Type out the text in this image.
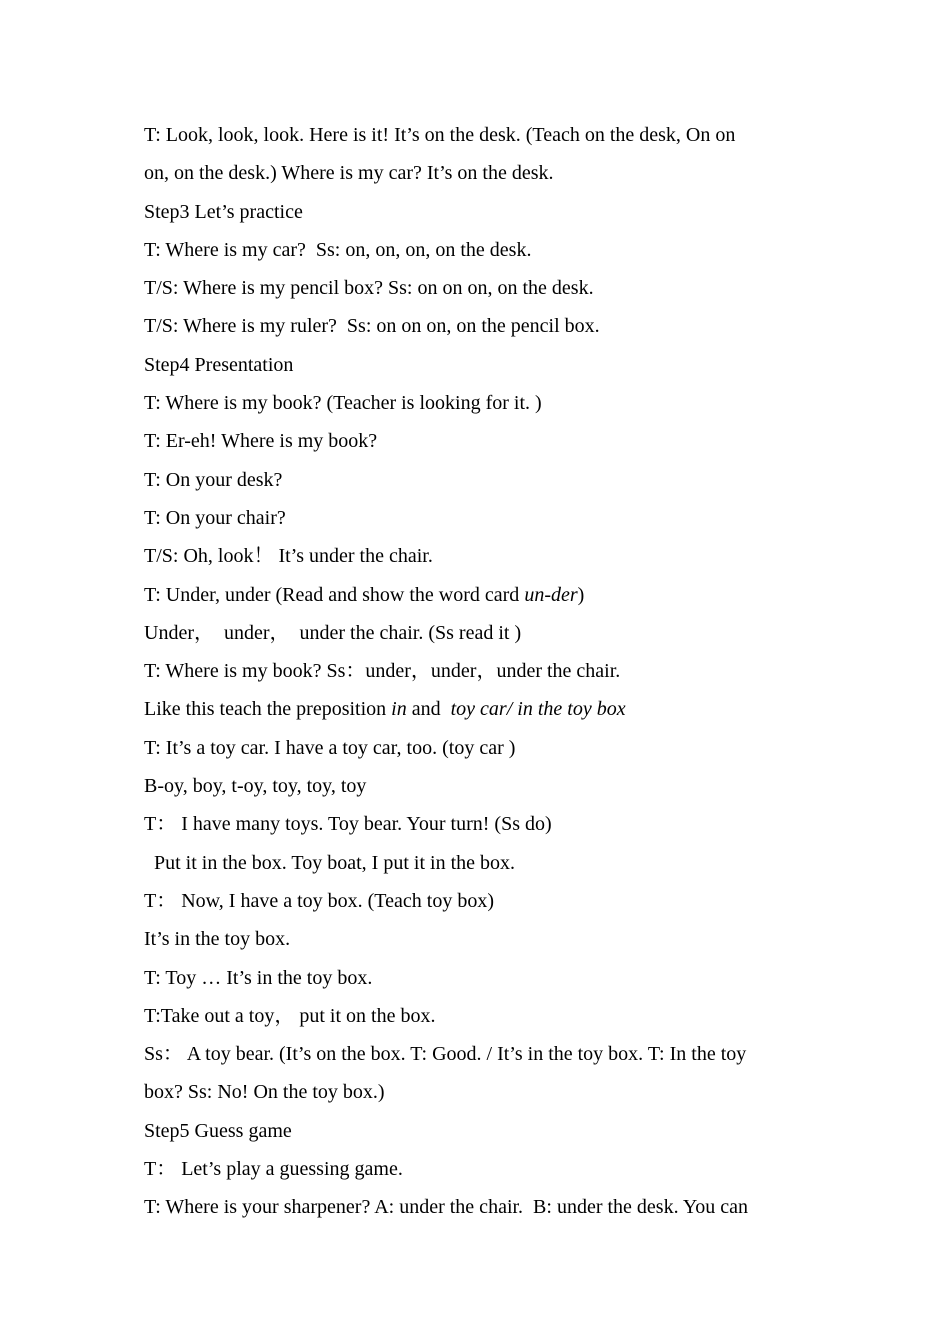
T: Look, look, look. Here is it! It’s on the desk. (Teach on the desk, On on
on, on the desk.) Where is my car? It’s on the desk.
Step3 Let’s practice
T: Where is my car?  Ss: on, on, on, on the desk.
T/S: Where is my pencil box? Ss: on on on, on the desk.
T/S: Where is my ruler?  Ss: on on on, on the pencil box.
Step4 Presentation
T: Where is my book? (Teacher is looking for it. )
T: Er-eh! Where is my book?
T: On your desk?
T: On your chair?
T/S: Oh, look！ It’s under the chair.
T: Under, under (Read and show the word card un-der)
Under，  under，  under the chair. (Ss read it )
T: Where is my book? Ss：under，under，under the chair.
Like this teach the preposition in and  toy car/ in the toy box
T: It’s a toy car. I have a toy car, too. (toy car )
B-oy, boy, t-oy, toy, toy, toy
T： I have many toys. Toy bear. Your turn! (Ss do)
Put it in the box. Toy boat, I put it in the box.
T： Now, I have a toy box. (Teach toy box)
It’s in the toy box.
T: Toy … It’s in the toy box.
T:Take out a toy， put it on the box.
Ss： A toy bear. (It’s on the box. T: Good. / It’s in the toy box. T: In the toy
box? Ss: No! On the toy box.)
Step5 Guess game
T： Let’s play a guessing game.
T: Where is your sharpener? A: under the chair.  B: under the desk. You can
